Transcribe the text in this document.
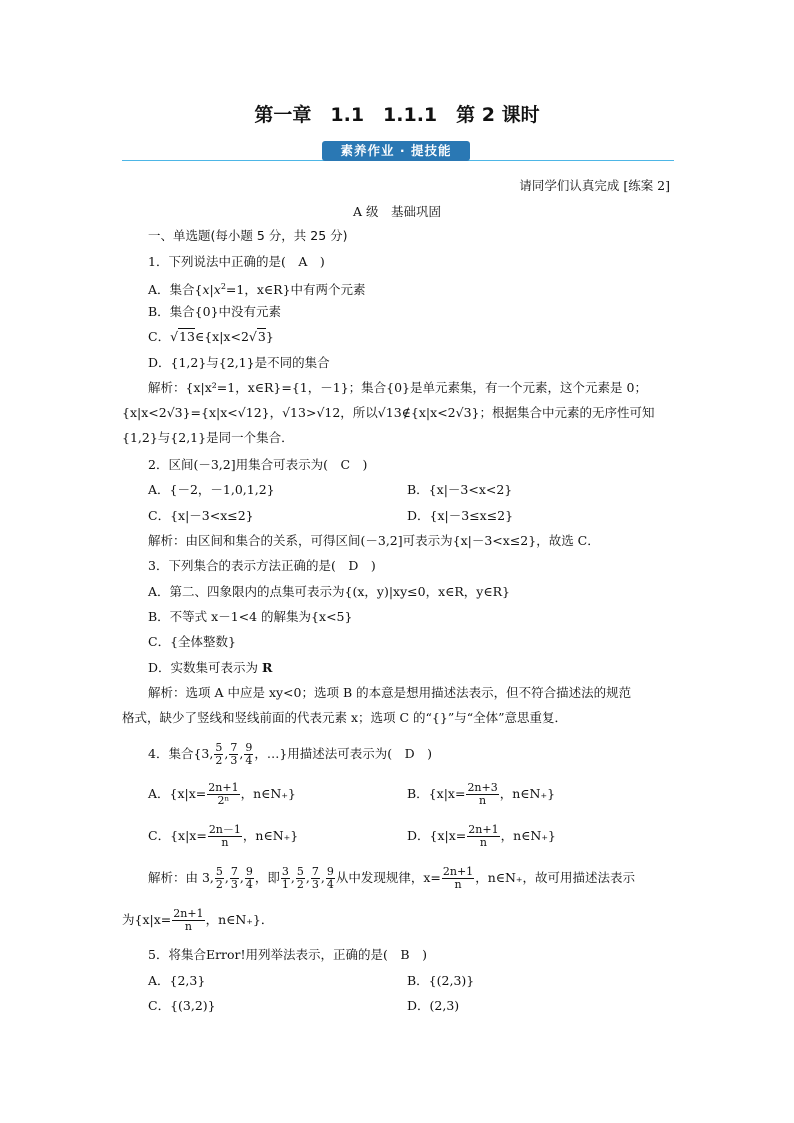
第一章　1.1　1.1.1　第 2 课时
素养作业 · 提技能
请同学们认真完成 [练案 2]
A 级　基础巩固
一、单选题(每小题 5 分，共 25 分)
1．下列说法中正确的是(　A　)
A．集合{$x|x^2=1$，x∈R}中有两个元素
B．集合{0}中没有元素
C．√13∈{x|x<2√3}
D．{1,2}与{2,1}是不同的集合
解析：{x|x²=1，x∈R}={1，－1}；集合{0}是单元素集，有一个元素，这个元素是 0；
{x|x<2√3}={x|x<√12}，√13>√12，所以√13∉{x|x<2√3}；根据集合中元素的无序性可知
{1,2}与{2,1}是同一个集合．
2．区间(－3,2]用集合可表示为(　C　)
A．{－2，－1,0,1,2}	B．{x|－3<x<2}
C．{x|－3<x≤2}	D．{x|－3≤x≤2}
解析：由区间和集合的关系，可得区间(－3,2]可表示为{x|－3<x≤2}，故选 C．
3．下列集合的表示方法正确的是(　D　)
A．第二、四象限内的点集可表示为{(x，y)|xy≤0，x∈R，y∈R}
B．不等式 x－1<4 的解集为{x<5}
C．{全体整数}
D．实数集可表示为 R
解析：选项 A 中应是 xy<0；选项 B 的本意是想用描述法表示，但不符合描述法的规范
格式，缺少了竖线和竖线前面的代表元素 x；选项 C 的“{}”与“全体”意思重复．
4．集合{3, $\frac{5}{2}$ , $\frac{7}{3}$ , $\frac{9}{4}$ ，…}用描述法可表示为(　D　)
A．{$x|x= \frac{2n+1}{\text{2ⁿ}}$ ，n∈N₊}	B．{$x|x= \frac{2n+3}{n}$ ，n∈N₊}
C．{$x|x= \frac{2n-1}{n}$ ，n∈N₊}	D．{$x|x= \frac{2n+1}{n}$ ，n∈N₊}
解析：由 3, $\frac{5}{2}$ , $\frac{7}{3}$ , $\frac{9}{4}$ ，即 $\frac{3}{1}$ , $\frac{5}{2}$ , $\frac{7}{3}$ , $\frac{9}{4}$ 从中发现规律，$x= \frac{2n+1}{n}$ ，n∈N₊，故可用描述法表示
为{$x|x= \frac{2n+1}{n}$ ，n∈N₊}．
5．将集合Error!用列举法表示，正确的是(　B　)
A．{2,3}	B．{(2,3)}
C．{(3,2)}	D．(2,3)
